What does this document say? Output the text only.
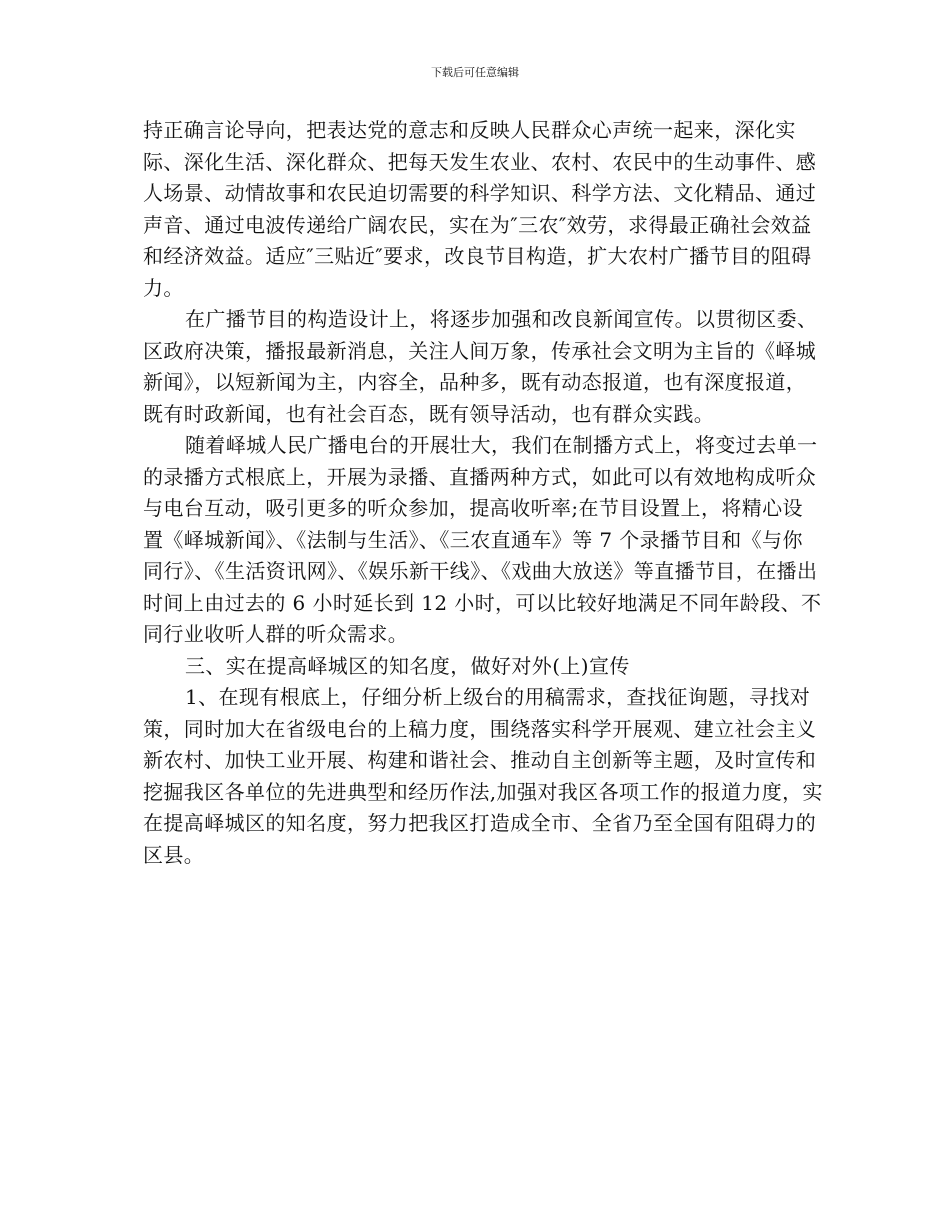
下载后可任意编辑

持正确言论导向，把表达党的意志和反映人民群众心声统一起来，深化实际、深化生活、深化群众、把每天发生农业、农村、农民中的生动事件、感人场景、动情故事和农民迫切需要的科学知识、科学方法、文化精品、通过声音、通过电波传递给广阔农民，实在为″三农″效劳，求得最正确社会效益和经济效益。适应″三贴近″要求，改良节目构造，扩大农村广播节目的阻碍力。

在广播节目的构造设计上，将逐步加强和改良新闻宣传。以贯彻区委、区政府决策，播报最新消息，关注人间万象，传承社会文明为主旨的《峄城新闻》，以短新闻为主，内容全，品种多，既有动态报道，也有深度报道，既有时政新闻，也有社会百态，既有领导活动，也有群众实践。

随着峄城人民广播电台的开展壮大，我们在制播方式上，将变过去单一的录播方式根底上，开展为录播、直播两种方式，如此可以有效地构成听众与电台互动，吸引更多的听众参加，提高收听率;在节目设置上，将精心设置《峄城新闻》、《法制与生活》、《三农直通车》等 7 个录播节目和《与你同行》、《生活资讯网》、《娱乐新干线》、《戏曲大放送》等直播节目，在播出时间上由过去的 6 小时延长到 12 小时，可以比较好地满足不同年龄段、不同行业收听人群的听众需求。

三、实在提高峄城区的知名度，做好对外(上)宣传

1、在现有根底上，仔细分析上级台的用稿需求，查找征询题，寻找对策，同时加大在省级电台的上稿力度，围绕落实科学开展观、建立社会主义新农村、加快工业开展、构建和谐社会、推动自主创新等主题，及时宣传和挖掘我区各单位的先进典型和经历作法,加强对我区各项工作的报道力度，实在提高峄城区的知名度，努力把我区打造成全市、全省乃至全国有阻碍力的区县。
